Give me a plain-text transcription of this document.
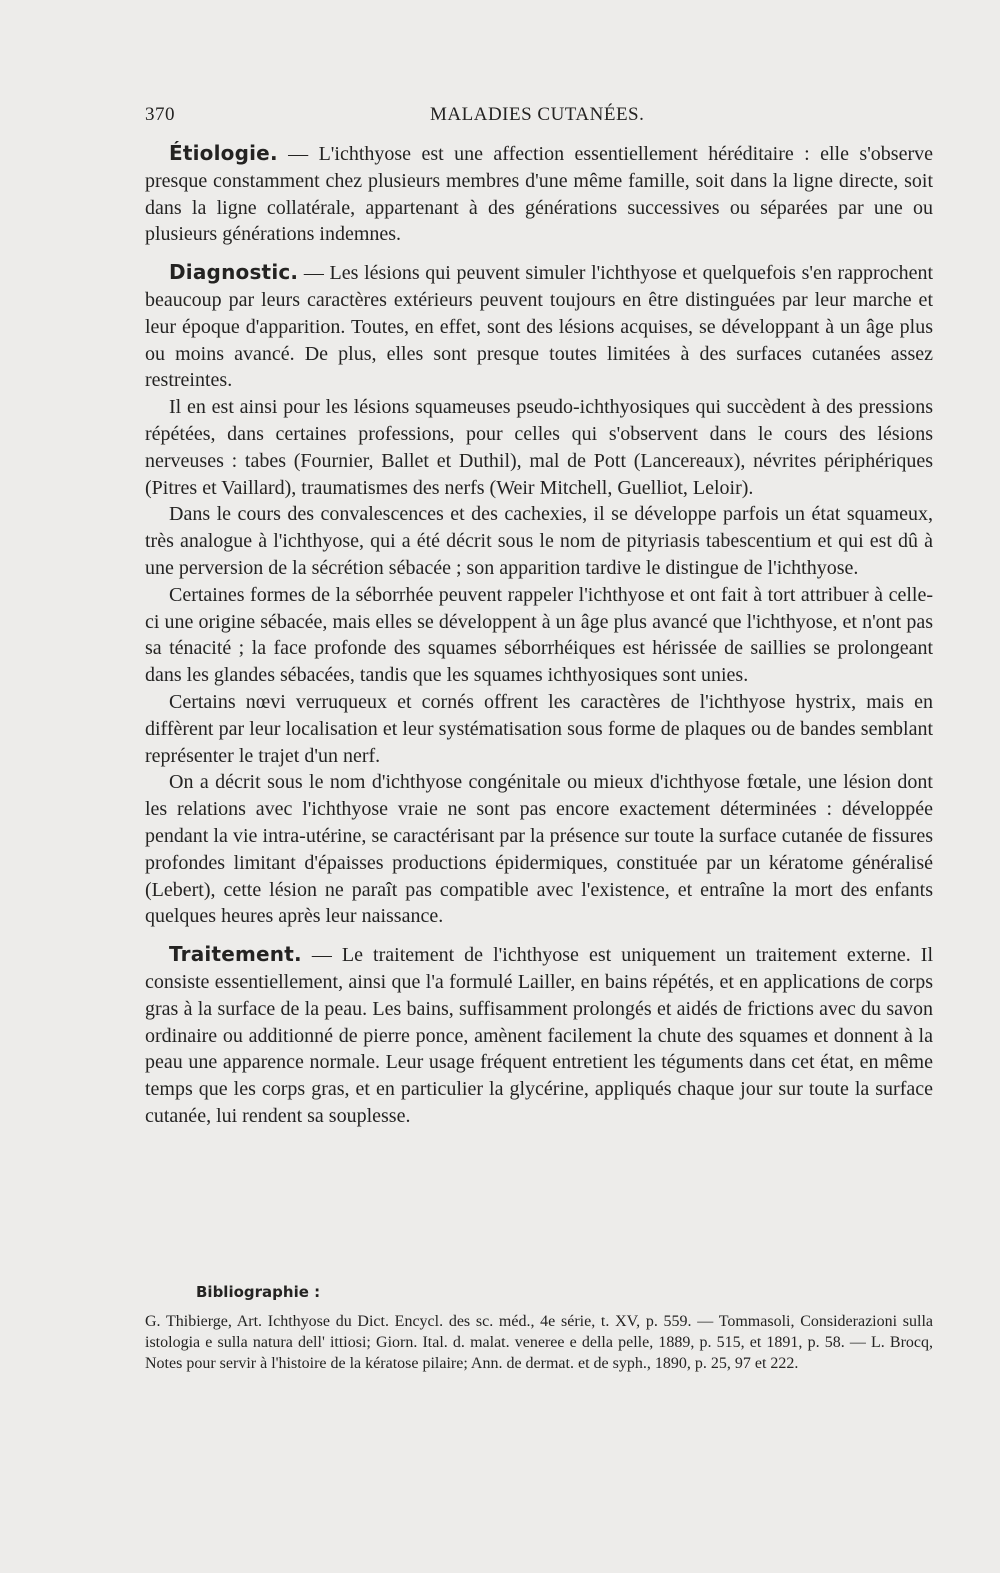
370	MALADIES CUTANÉES.

Étiologie. — L'ichthyose est une affection essentiellement héréditaire : elle s'observe presque constamment chez plusieurs membres d'une même famille, soit dans la ligne directe, soit dans la ligne collatérale, appartenant à des générations successives ou séparées par une ou plusieurs générations indemnes.

Diagnostic. — Les lésions qui peuvent simuler l'ichthyose et quelquefois s'en rapprochent beaucoup par leurs caractères extérieurs peuvent toujours en être distinguées par leur marche et leur époque d'apparition. Toutes, en effet, sont des lésions acquises, se développant à un âge plus ou moins avancé. De plus, elles sont presque toutes limitées à des surfaces cutanées assez restreintes.

Il en est ainsi pour les lésions squameuses pseudo-ichthyosiques qui succèdent à des pressions répétées, dans certaines professions, pour celles qui s'observent dans le cours des lésions nerveuses : tabes (Fournier, Ballet et Duthil), mal de Pott (Lancereaux), névrites périphériques (Pitres et Vaillard), traumatismes des nerfs (Weir Mitchell, Guelliot, Leloir).

Dans le cours des convalescences et des cachexies, il se développe parfois un état squameux, très analogue à l'ichthyose, qui a été décrit sous le nom de pityriasis tabescentium et qui est dû à une perversion de la sécrétion sébacée ; son apparition tardive le distingue de l'ichthyose.

Certaines formes de la séborrhée peuvent rappeler l'ichthyose et ont fait à tort attribuer à celle-ci une origine sébacée, mais elles se développent à un âge plus avancé que l'ichthyose, et n'ont pas sa ténacité ; la face profonde des squames séborrhéiques est hérissée de saillies se prolongeant dans les glandes sébacées, tandis que les squames ichthyosiques sont unies.

Certains nœvi verruqueux et cornés offrent les caractères de l'ichthyose hystrix, mais en diffèrent par leur localisation et leur systématisation sous forme de plaques ou de bandes semblant représenter le trajet d'un nerf.

On a décrit sous le nom d'ichthyose congénitale ou mieux d'ichthyose fœtale, une lésion dont les relations avec l'ichthyose vraie ne sont pas encore exactement déterminées : développée pendant la vie intra-utérine, se caractérisant par la présence sur toute la surface cutanée de fissures profondes limitant d'épaisses productions épidermiques, constituée par un kératome généralisé (Lebert), cette lésion ne paraît pas compatible avec l'existence, et entraîne la mort des enfants quelques heures après leur naissance.

Traitement. — Le traitement de l'ichthyose est uniquement un traitement externe. Il consiste essentiellement, ainsi que l'a formulé Lailler, en bains répétés, et en applications de corps gras à la surface de la peau. Les bains, suffisamment prolongés et aidés de frictions avec du savon ordinaire ou additionné de pierre ponce, amènent facilement la chute des squames et donnent à la peau une apparence normale. Leur usage fréquent entretient les téguments dans cet état, en même temps que les corps gras, et en particulier la glycérine, appliqués chaque jour sur toute la surface cutanée, lui rendent sa souplesse.

Bibliographie :
G. Thibierge, Art. Ichthyose du Dict. Encycl. des sc. méd., 4e série, t. XV, p. 559. — Tommasoli, Considerazioni sulla istologia e sulla natura dell' ittiosi; Giorn. Ital. d. malat. veneree e della pelle, 1889, p. 515, et 1891, p. 58. — L. Brocq, Notes pour servir à l'histoire de la kératose pilaire; Ann. de dermat. et de syph., 1890, p. 25, 97 et 222.
